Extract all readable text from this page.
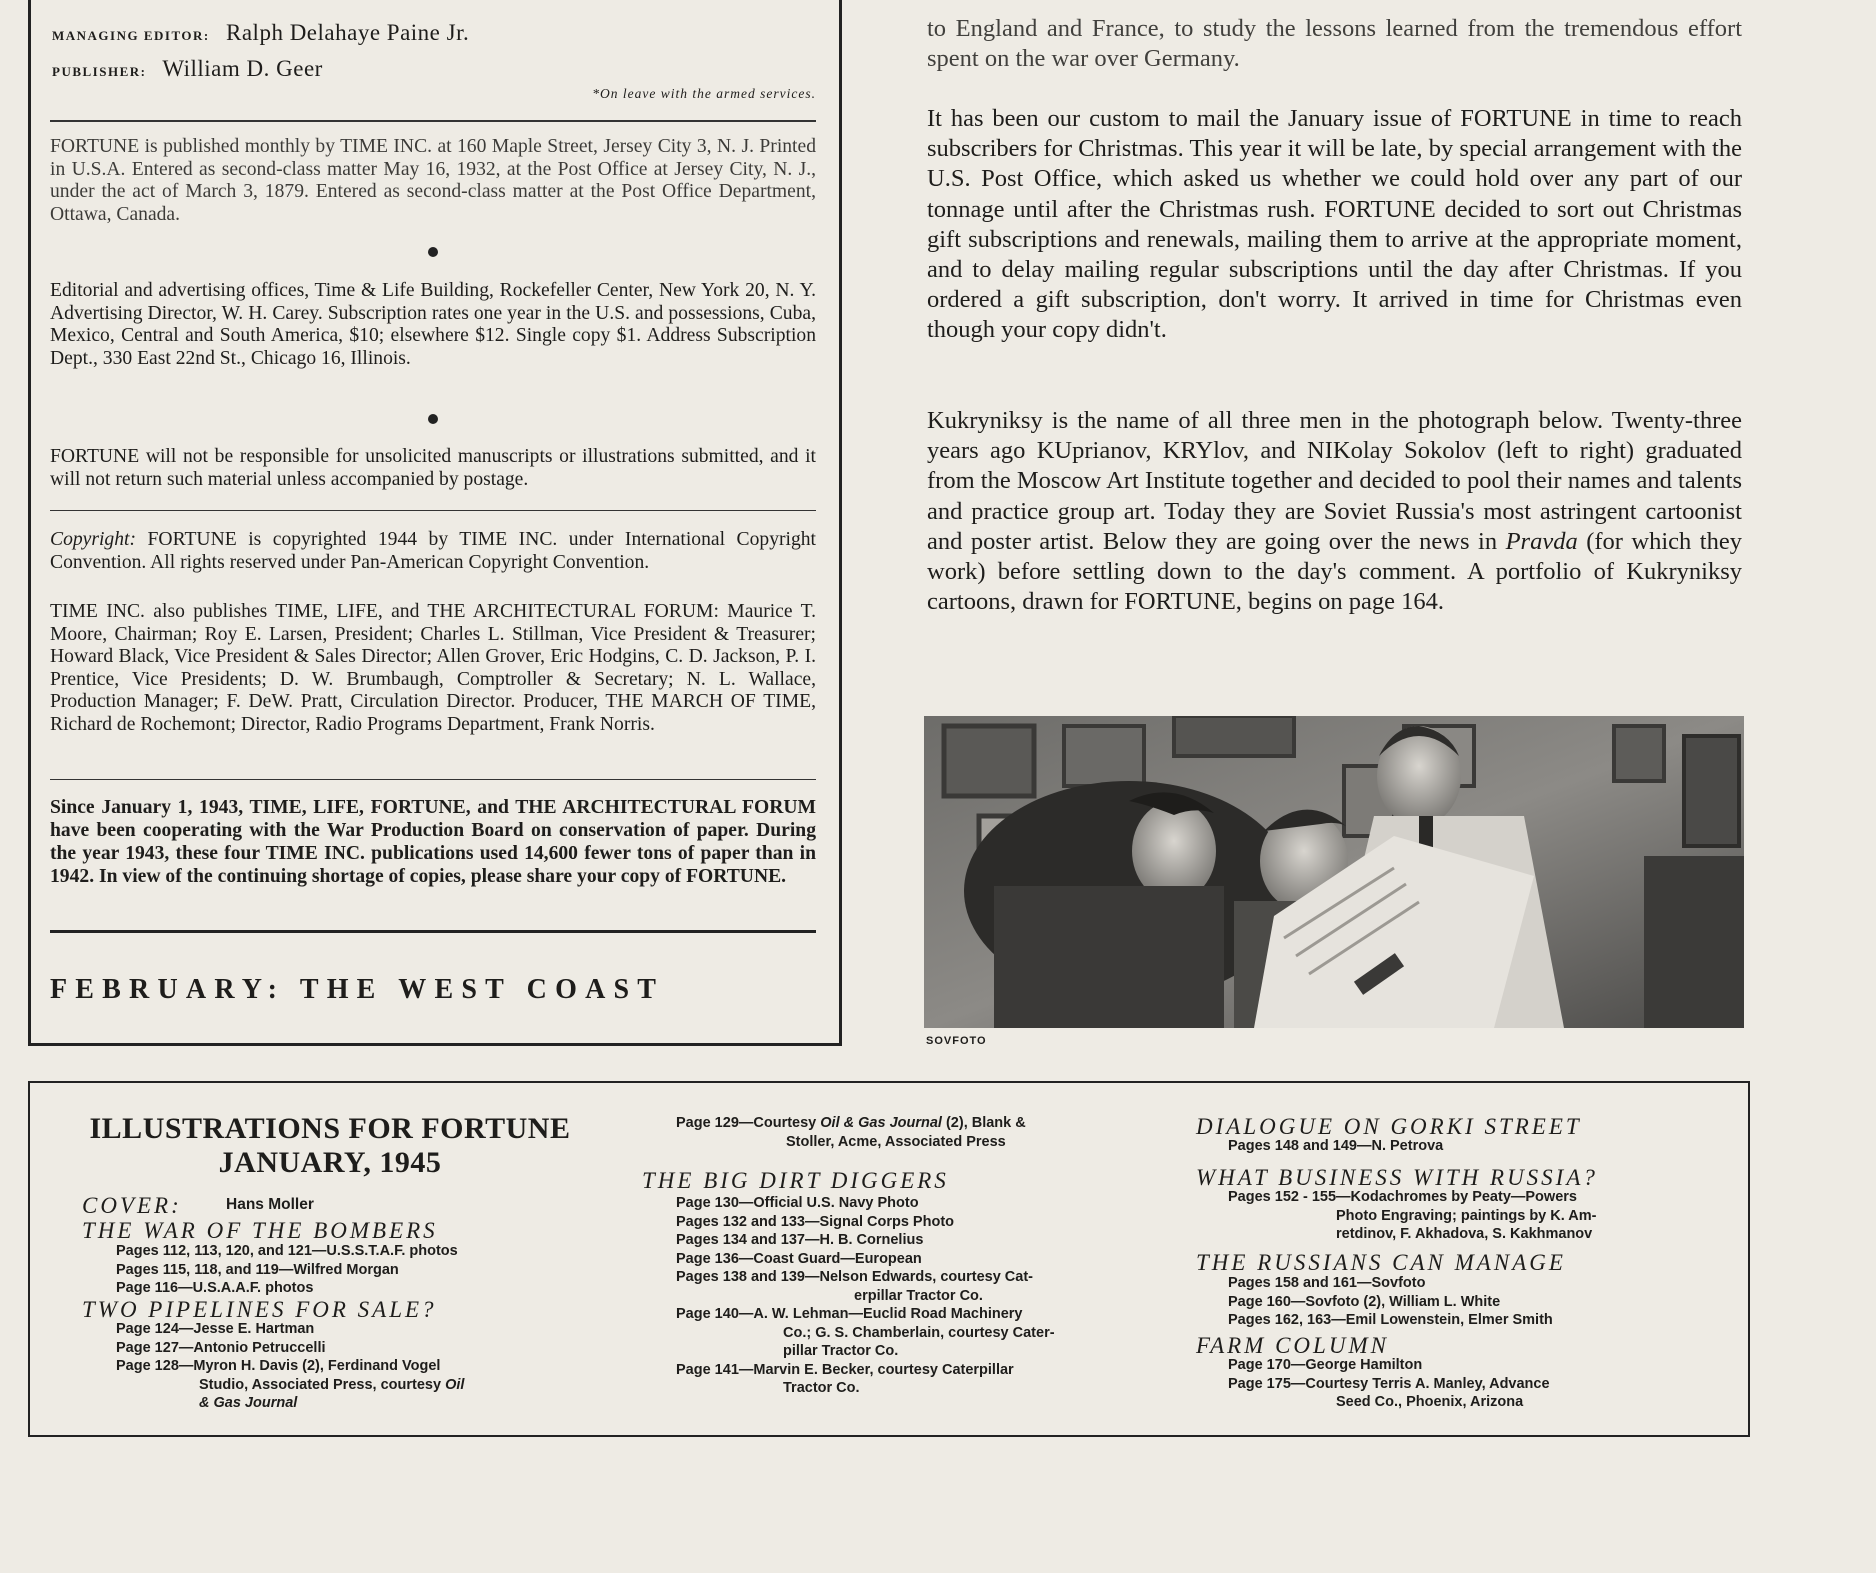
MANAGING EDITOR: Ralph Delahaye Paine Jr.
PUBLISHER: William D. Geer
*On leave with the armed services.

FORTUNE is published monthly by TIME INC. at 160 Maple Street, Jersey City 3, N. J. Printed in U.S.A. Entered as second-class matter May 16, 1932, at the Post Office at Jersey City, N. J., under the act of March 3, 1879. Entered as second-class matter at the Post Office Department, Ottawa, Canada.

Editorial and advertising offices, Time & Life Building, Rockefeller Center, New York 20, N. Y. Advertising Director, W. H. Carey. Subscription rates one year in the U.S. and possessions, Cuba, Mexico, Central and South America, $10; elsewhere $12. Single copy $1. Address Subscription Dept., 330 East 22nd St., Chicago 16, Illinois.

FORTUNE will not be responsible for unsolicited manuscripts or illustrations submitted, and it will not return such material unless accompanied by postage.

Copyright: FORTUNE is copyrighted 1944 by TIME INC. under International Copyright Convention. All rights reserved under Pan-American Copyright Convention.

TIME INC. also publishes TIME, LIFE, and THE ARCHITECTURAL FORUM: Maurice T. Moore, Chairman; Roy E. Larsen, President; Charles L. Stillman, Vice President & Treasurer; Howard Black, Vice President & Sales Director; Allen Grover, Eric Hodgins, C. D. Jackson, P. I. Prentice, Vice Presidents; D. W. Brumbaugh, Comptroller & Secretary; N. L. Wallace, Production Manager; F. DeW. Pratt, Circulation Director. Producer, THE MARCH OF TIME, Richard de Rochemont; Director, Radio Programs Department, Frank Norris.

Since January 1, 1943, TIME, LIFE, FORTUNE, and THE ARCHITECTURAL FORUM have been cooperating with the War Production Board on conservation of paper. During the year 1943, these four TIME INC. publications used 14,600 fewer tons of paper than in 1942. In view of the continuing shortage of copies, please share your copy of FORTUNE.

FEBRUARY: THE WEST COAST

to England and France, to study the lessons learned from the tremendous effort spent on the war over Germany.

It has been our custom to mail the January issue of FORTUNE in time to reach subscribers for Christmas. This year it will be late, by special arrangement with the U.S. Post Office, which asked us whether we could hold over any part of our tonnage until after the Christmas rush. FORTUNE decided to sort out Christmas gift subscriptions and renewals, mailing them to arrive at the appropriate moment, and to delay mailing regular subscriptions until the day after Christmas. If you ordered a gift subscription, don't worry. It arrived in time for Christmas even though your copy didn't.

Kukryniksy is the name of all three men in the photograph below. Twenty-three years ago KUprianov, KRYlov, and NIKolay Sokolov (left to right) graduated from the Moscow Art Institute together and decided to pool their names and talents and practice group art. Today they are Soviet Russia's most astringent cartoonist and poster artist. Below they are going over the news in Pravda (for which they work) before settling down to the day's comment. A portfolio of Kukryniksy cartoons, drawn for FORTUNE, begins on page 164.

SOVFOTO
ILLUSTRATIONS FOR FORTUNE
JANUARY, 1945
COVER:	Hans Moller
THE WAR OF THE BOMBERS
Pages 112, 113, 120, and 121—U.S.S.T.A.F. photos
Pages 115, 118, and 119—Wilfred Morgan
Page 116—U.S.A.A.F. photos
TWO PIPELINES FOR SALE?
Page 124—Jesse E. Hartman
Page 127—Antonio Petruccelli
Page 128—Myron H. Davis (2), Ferdinand Vogel
Studio, Associated Press, courtesy Oil
& Gas Journal
Page 129—Courtesy Oil & Gas Journal (2), Blank &
Stoller, Acme, Associated Press
THE BIG DIRT DIGGERS
Page 130—Official U.S. Navy Photo
Pages 132 and 133—Signal Corps Photo
Pages 134 and 137—H. B. Cornelius
Page 136—Coast Guard—European
Pages 138 and 139—Nelson Edwards, courtesy Cat-
erpillar Tractor Co.
Page 140—A. W. Lehman—Euclid Road Machinery
Co.; G. S. Chamberlain, courtesy Cater-
pillar Tractor Co.
Page 141—Marvin E. Becker, courtesy Caterpillar
Tractor Co.
DIALOGUE ON GORKI STREET
Pages 148 and 149—N. Petrova
WHAT BUSINESS WITH RUSSIA?
Pages 152 - 155—Kodachromes by Peaty—Powers
Photo Engraving; paintings by K. Am-
retdinov, F. Akhadova, S. Kakhmanov
THE RUSSIANS CAN MANAGE
Pages 158 and 161—Sovfoto
Page 160—Sovfoto (2), William L. White
Pages 162, 163—Emil Lowenstein, Elmer Smith
FARM COLUMN
Page 170—George Hamilton
Page 175—Courtesy Terris A. Manley, Advance
Seed Co., Phoenix, Arizona
